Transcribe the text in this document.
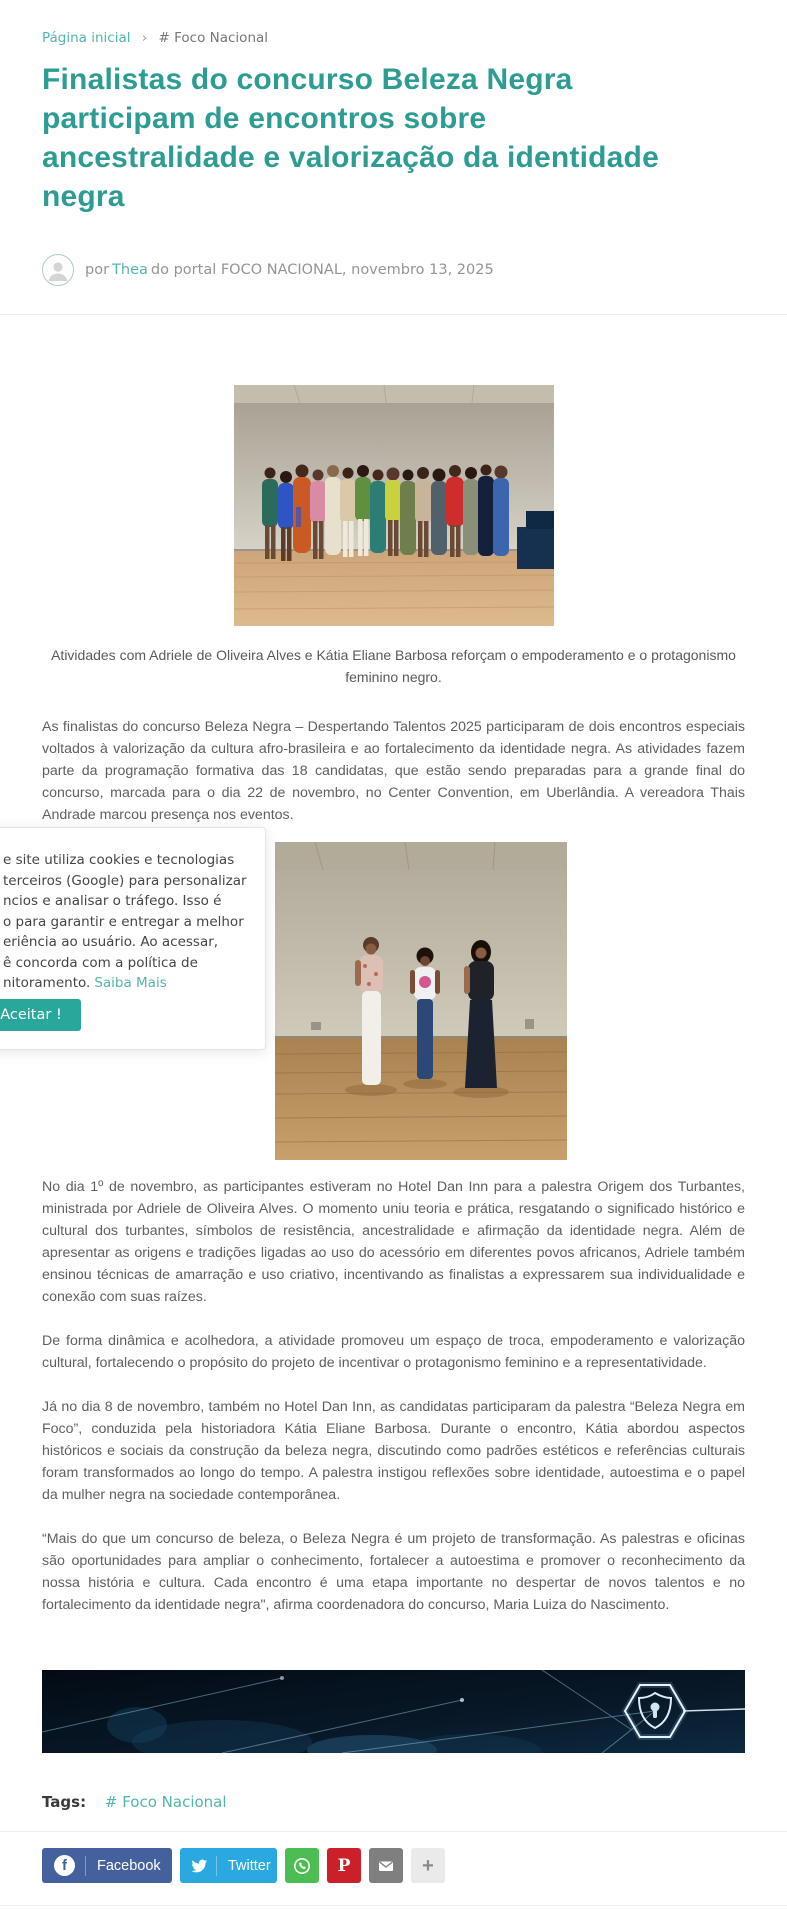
Página inicial › # Foco Nacional
Finalistas do concurso Beleza Negra participam de encontros sobre ancestralidade e valorização da identidade negra
por Thea do portal FOCO NACIONAL, novembro 13, 2025
Atividades com Adriele de Oliveira Alves e Kátia Eliane Barbosa reforçam o empoderamento e o protagonismo feminino negro.

As finalistas do concurso Beleza Negra – Despertando Talentos 2025 participaram de dois encontros especiais voltados à valorização da cultura afro-brasileira e ao fortalecimento da identidade negra. As atividades fazem parte da programação formativa das 18 candidatas, que estão sendo preparadas para a grande final do concurso, marcada para o dia 22 de novembro, no Center Convention, em Uberlândia. A vereadora Thais Andrade marcou presença nos eventos.

No dia 1º de novembro, as participantes estiveram no Hotel Dan Inn para a palestra Origem dos Turbantes, ministrada por Adriele de Oliveira Alves. O momento uniu teoria e prática, resgatando o significado histórico e cultural dos turbantes, símbolos de resistência, ancestralidade e afirmação da identidade negra. Além de apresentar as origens e tradições ligadas ao uso do acessório em diferentes povos africanos, Adriele também ensinou técnicas de amarração e uso criativo, incentivando as finalistas a expressarem sua individualidade e conexão com suas raízes.

De forma dinâmica e acolhedora, a atividade promoveu um espaço de troca, empoderamento e valorização cultural, fortalecendo o propósito do projeto de incentivar o protagonismo feminino e a representatividade.

Já no dia 8 de novembro, também no Hotel Dan Inn, as candidatas participaram da palestra “Beleza Negra em Foco”, conduzida pela historiadora Kátia Eliane Barbosa. Durante o encontro, Kátia abordou aspectos históricos e sociais da construção da beleza negra, discutindo como padrões estéticos e referências culturais foram transformados ao longo do tempo. A palestra instigou reflexões sobre identidade, autoestima e o papel da mulher negra na sociedade contemporânea.

“Mais do que um concurso de beleza, o Beleza Negra é um projeto de transformação. As palestras e oficinas são oportunidades para ampliar o conhecimento, fortalecer a autoestima e promover o reconhecimento da nossa história e cultura. Cada encontro é uma etapa importante no despertar de novos talentos e no fortalecimento da identidade negra", afirma coordenadora do concurso, Maria Luiza do Nascimento.

Tags: # Foco Nacional
f
Facebook	Twitter P	+
e site utiliza cookies e tecnologias
terceiros (Google) para personalizar
ncios e analisar o tráfego. Isso é
o para garantir e entregar a melhor
eriência ao usuário. Ao acessar,
ê concorda com a política de
nitoramento. Saiba Mais
Aceitar !
